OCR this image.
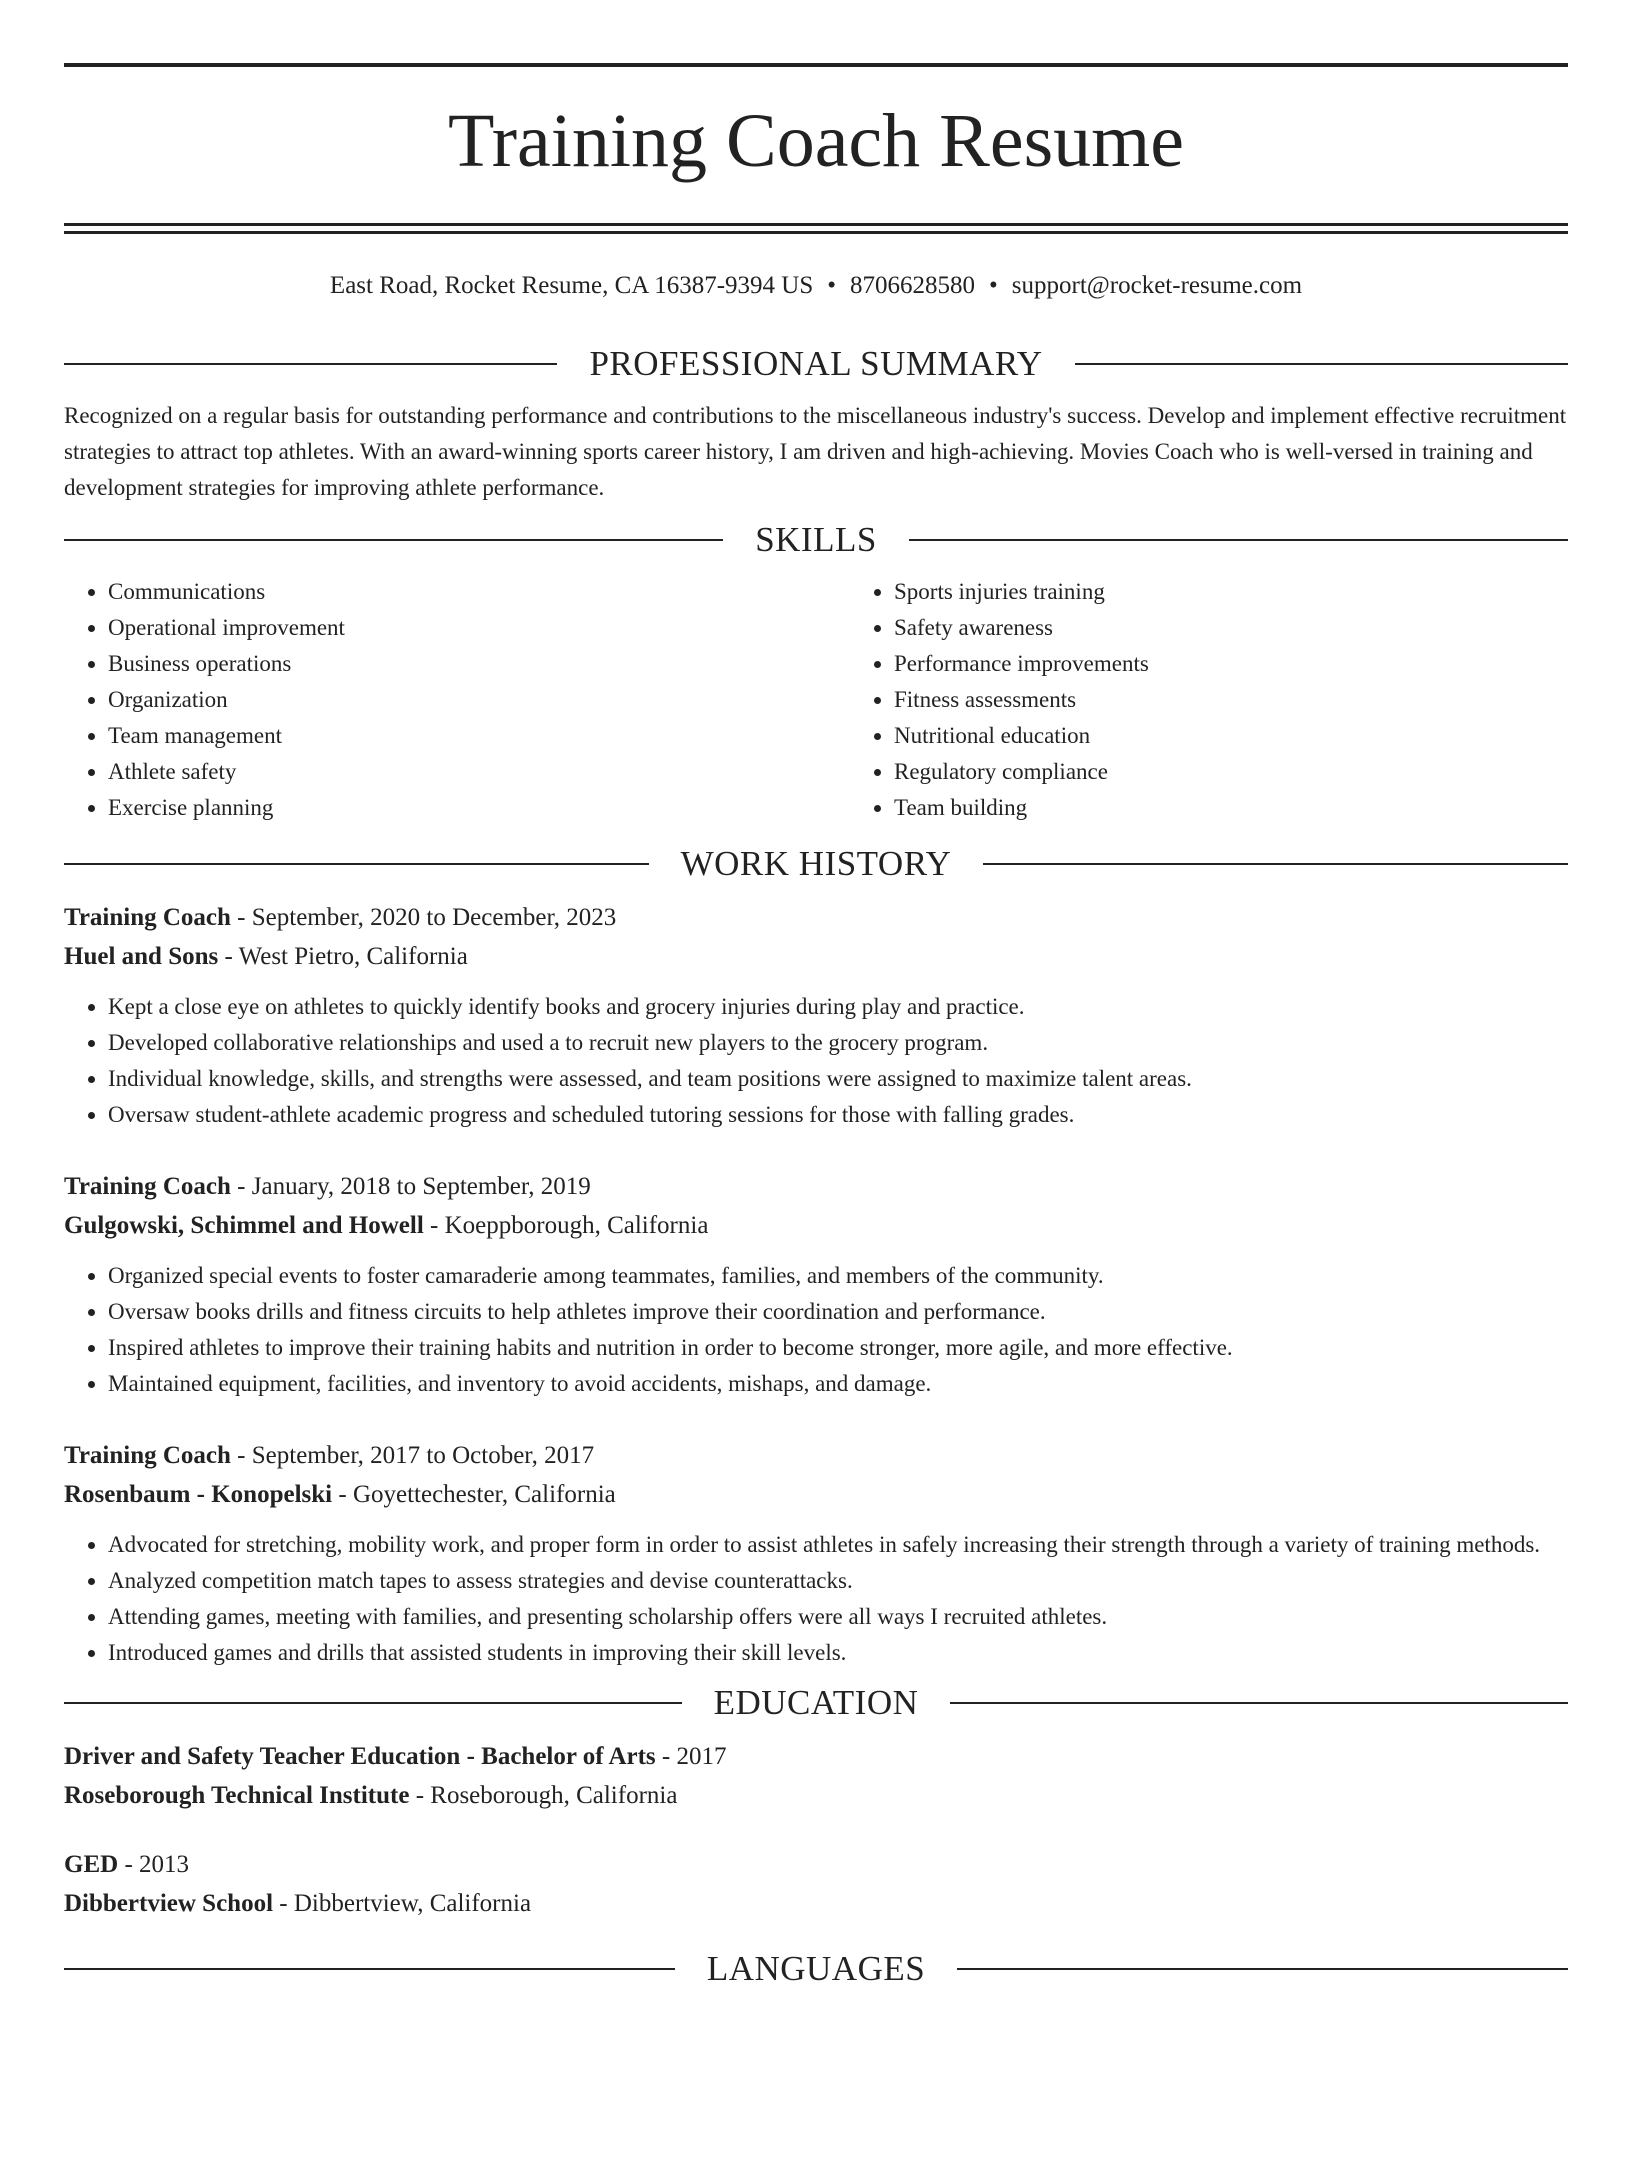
Training Coach Resume
East Road, Rocket Resume, CA 16387-9394 US • 8706628580 • support@rocket-resume.com
PROFESSIONAL SUMMARY

Recognized on a regular basis for outstanding performance and contributions to the miscellaneous industry's success. Develop and implement effective recruitment strategies to attract top athletes. With an award-winning sports career history, I am driven and high-achieving. Movies Coach who is well-versed in training and development strategies for improving athlete performance.

SKILLS
• Communications
• Operational improvement
• Business operations
• Organization
• Team management
• Athlete safety
• Exercise planning
• Sports injuries training
• Safety awareness
• Performance improvements
• Fitness assessments
• Nutritional education
• Regulatory compliance
• Team building
WORK HISTORY
Training Coach - September, 2020 to December, 2023
Huel and Sons - West Pietro, California
• Kept a close eye on athletes to quickly identify books and grocery injuries during play and practice.
• Developed collaborative relationships and used a to recruit new players to the grocery program.
• Individual knowledge, skills, and strengths were assessed, and team positions were assigned to maximize talent areas.
• Oversaw student-athlete academic progress and scheduled tutoring sessions for those with falling grades.
Training Coach - January, 2018 to September, 2019
Gulgowski, Schimmel and Howell - Koeppborough, California
• Organized special events to foster camaraderie among teammates, families, and members of the community.
• Oversaw books drills and fitness circuits to help athletes improve their coordination and performance.
• Inspired athletes to improve their training habits and nutrition in order to become stronger, more agile, and more effective.
• Maintained equipment, facilities, and inventory to avoid accidents, mishaps, and damage.
Training Coach - September, 2017 to October, 2017
Rosenbaum - Konopelski - Goyettechester, California
• Advocated for stretching, mobility work, and proper form in order to assist athletes in safely increasing their strength through a variety of training methods.
• Analyzed competition match tapes to assess strategies and devise counterattacks.
• Attending games, meeting with families, and presenting scholarship offers were all ways I recruited athletes.
• Introduced games and drills that assisted students in improving their skill levels.
EDUCATION
Driver and Safety Teacher Education - Bachelor of Arts - 2017
Roseborough Technical Institute - Roseborough, California
GED - 2013
Dibbertview School - Dibbertview, California
LANGUAGES
